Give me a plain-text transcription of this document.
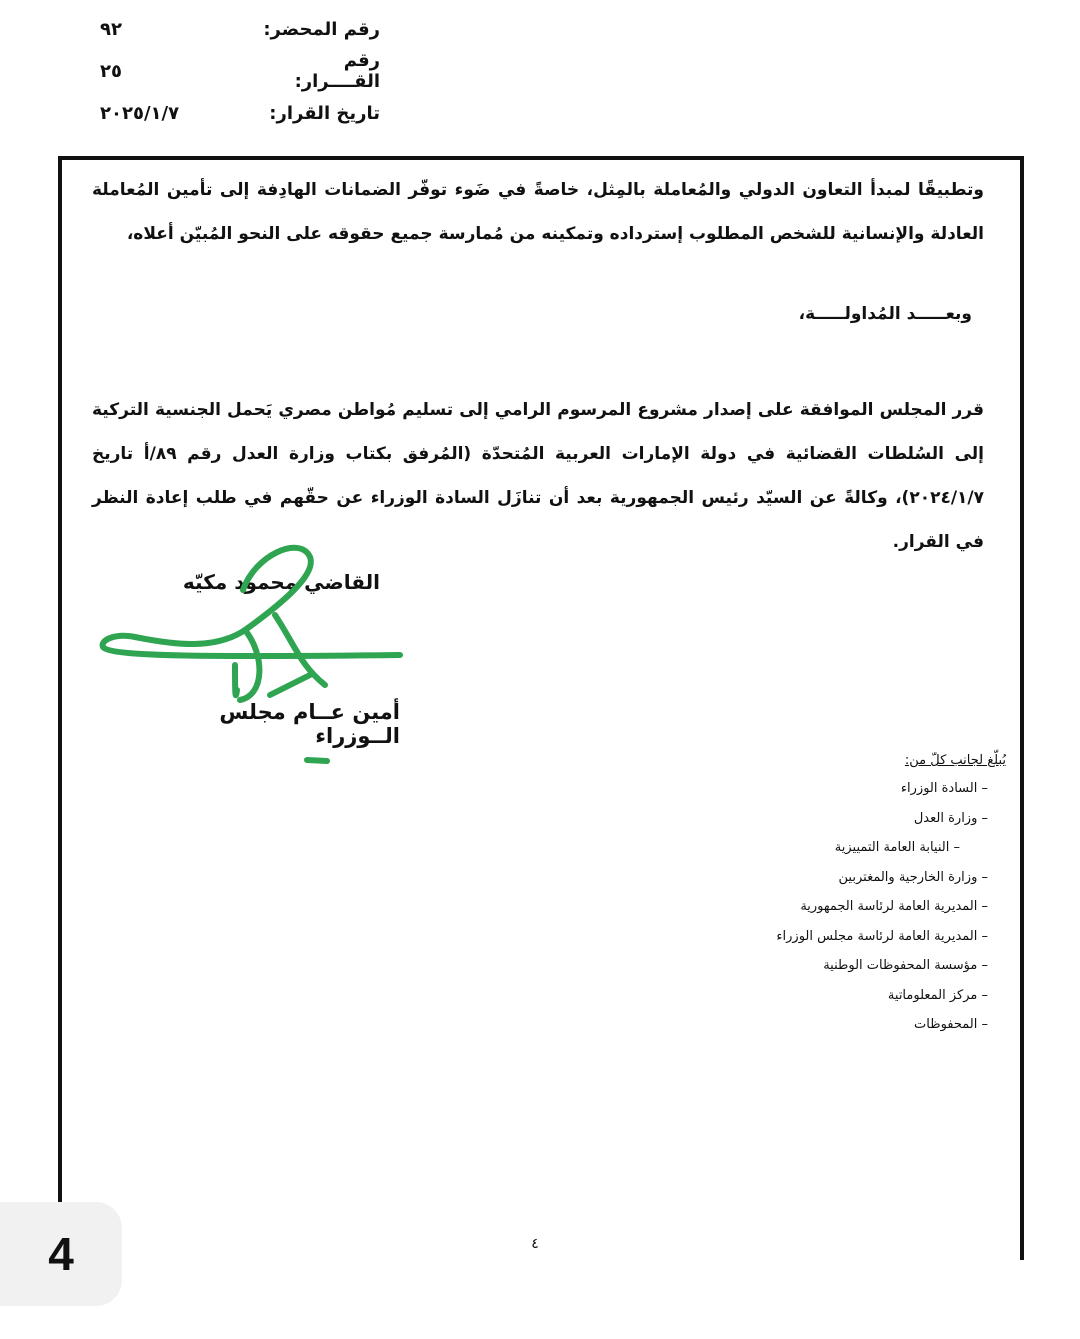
رقم المحضر:
٩٢
رقم القــــرار:
٢٥
تاريخ القرار:
٢٠٢٥/١/٧
وتطبيقًا لمبدأ التعاون الدولي والمُعاملة بالمِثل، خاصةً في ضَوء توفّر الضمانات الهادِفة إلى تأمين المُعاملة العادلة والإنسانية للشخص المطلوب إسترداده وتمكينه من مُمارسة جميع حقوقه على النحو المُبيّن أعلاه،
وبعـــــد المُداولـــــة،
قرر المجلس الموافقة على إصدار مشروع المرسوم الرامي إلى تسليم مُواطن مصري يَحمل الجنسية التركية إلى السُلطات القضائية في دولة الإمارات العربية المُتحدّة (المُرفق بكتاب وزارة العدل رقم ٨٩/أ تاريخ ٢٠٢٤/١/٧)، وكالةً عن السيّد رئيس الجمهورية بعد أن تنازَل السادة الوزراء عن حقّهم في طلب إعادة النظر في القرار.
القاضي محمود مكيّه
أمين عــام مجلس الــوزراء
يُبلّغ لجانب كلّ من:
– السادة الوزراء
– وزارة العدل
– النيابة العامة التمييزية
– وزارة الخارجية والمغتربين
– المديرية العامة لرئاسة الجمهورية
– المديرية العامة لرئاسة مجلس الوزراء
– مؤسسة المحفوظات الوطنية
– مركز المعلوماتية
– المحفوظات
٤
4
